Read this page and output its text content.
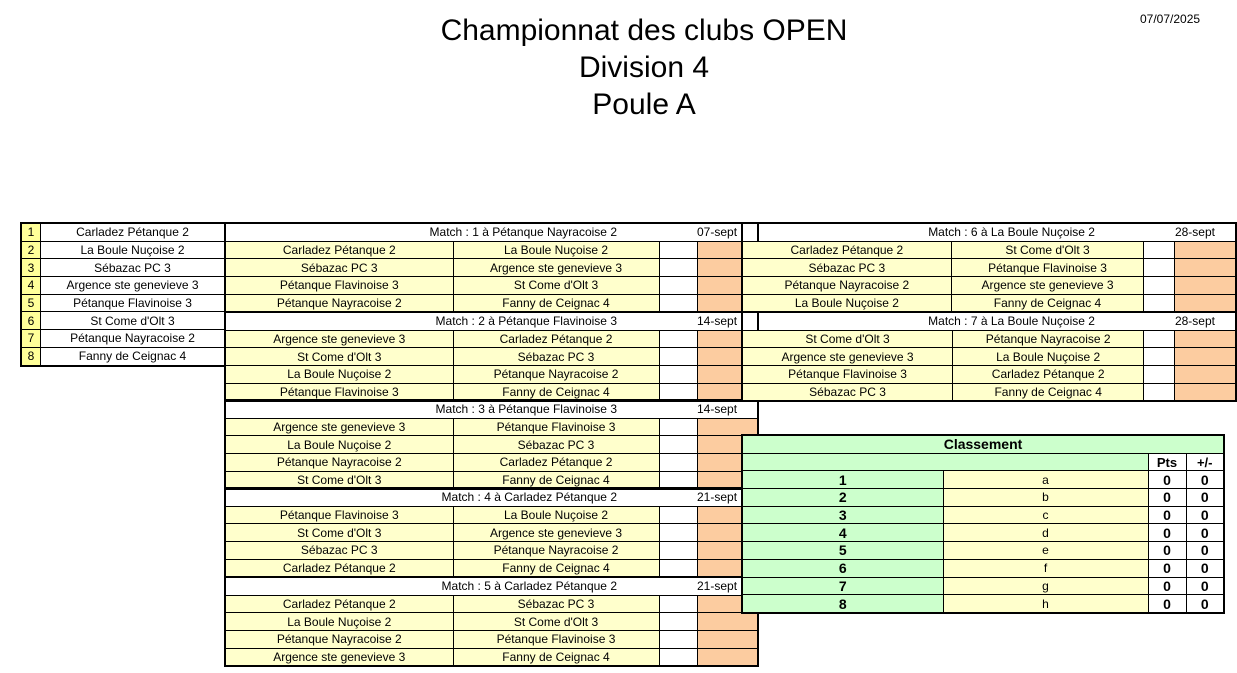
Championnat des clubs OPEN
Division 4
Poule A
07/07/2025
1	Carladez Pétanque 2
2	La Boule Nuçoise 2
3	Sébazac PC 3
4	Argence ste genevieve 3
5	Pétanque Flavinoise 3
6	St Come d'Olt 3
7	Pétanque Nayracoise 2
8	Fanny de Ceignac 4
Match : 1 à Pétanque Nayracoise 2			07-sept
Carladez Pétanque 2	La Boule Nuçoise 2		
Sébazac PC 3	Argence ste genevieve 3		
Pétanque Flavinoise 3	St Come d'Olt 3		
Pétanque Nayracoise 2	Fanny de Ceignac 4		
Match : 2 à Pétanque Flavinoise 3			14-sept
Argence ste genevieve 3	Carladez Pétanque 2		
St Come d'Olt 3	Sébazac PC 3		
La Boule Nuçoise 2	Pétanque Nayracoise 2		
Pétanque Flavinoise 3	Fanny de Ceignac 4		
Match : 3 à Pétanque Flavinoise 3			14-sept
Argence ste genevieve 3	Pétanque Flavinoise 3		
La Boule Nuçoise 2	Sébazac PC 3		
Pétanque Nayracoise 2	Carladez Pétanque 2		
St Come d'Olt 3	Fanny de Ceignac 4		
Match : 4 à Carladez Pétanque 2			21-sept
Pétanque Flavinoise 3	La Boule Nuçoise 2		
St Come d'Olt 3	Argence ste genevieve 3		
Sébazac PC 3	Pétanque Nayracoise 2		
Carladez Pétanque 2	Fanny de Ceignac 4		
Match : 5 à Carladez Pétanque 2			21-sept
Carladez Pétanque 2	Sébazac PC 3		
La Boule Nuçoise 2	St Come d'Olt 3		
Pétanque Nayracoise 2	Pétanque Flavinoise 3		
Argence ste genevieve 3	Fanny de Ceignac 4		
Match : 6 à La Boule Nuçoise 2			28-sept
Carladez Pétanque 2	St Come d'Olt 3		
Sébazac PC 3	Pétanque Flavinoise 3		
Pétanque Nayracoise 2	Argence ste genevieve 3		
La Boule Nuçoise 2	Fanny de Ceignac 4		
Match : 7 à La Boule Nuçoise 2			28-sept
St Come d'Olt 3	Pétanque Nayracoise 2		
Argence ste genevieve 3	La Boule Nuçoise 2		
Pétanque Flavinoise 3	Carladez Pétanque 2		
Sébazac PC 3	Fanny de Ceignac 4		
Classement			
		Pts	+/-
1	a	0	0
2	b	0	0
3	c	0	0
4	d	0	0
5	e	0	0
6	f	0	0
7	g	0	0
8	h	0	0
